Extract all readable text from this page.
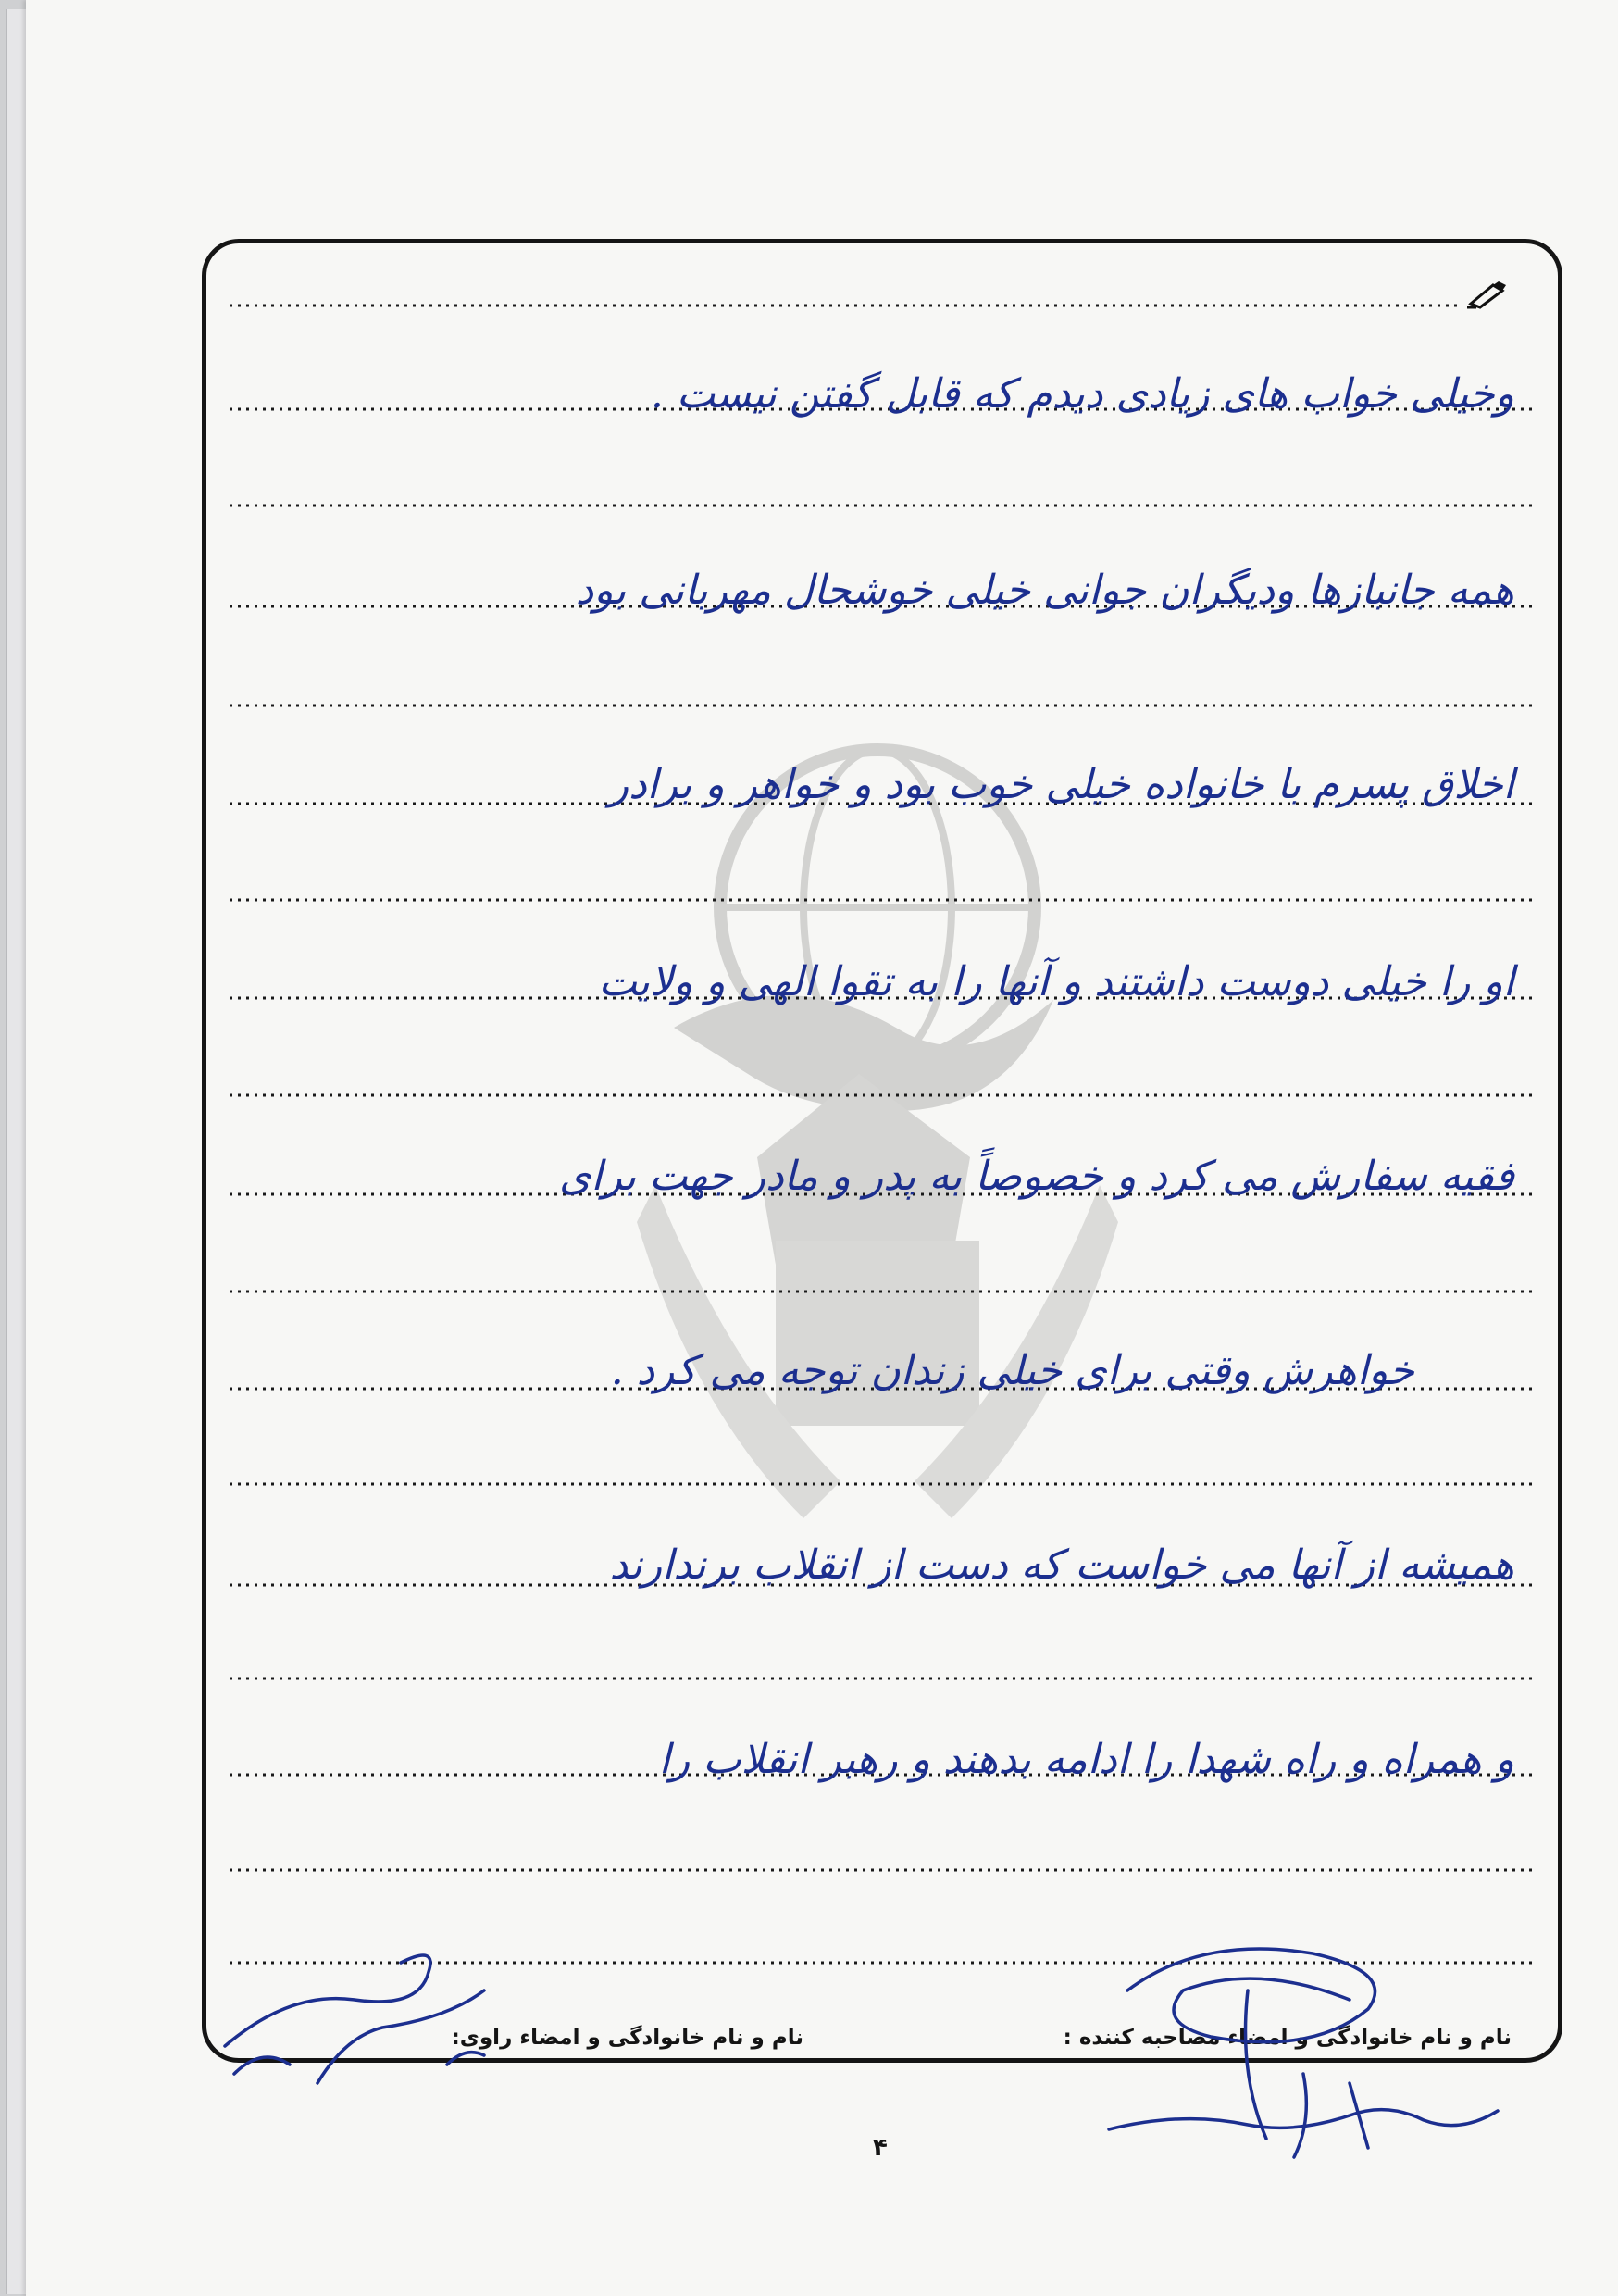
وخیلی خواب های زیادی دیدم که قابل گفتن نیست .
همه جانبازها ودیگران جوانی خیلی خوشحال مهربانی بود
اخلاق پسرم با خانواده خیلی خوب بود و خواهر و برادر
او را خیلی دوست داشتند و آنها را به تقوا الهی و ولایت
فقیه سفارش می کرد و خصوصاً به پدر و مادر جهت برای
خواهرش وقتی برای خیلی زندان توجه می کرد .
همیشه از آنها می خواست که دست از انقلاب برندارند
و همراه و راه شهدا را ادامه بدهند و رهبر انقلاب را
نام و نام خانوادگی و امضاء مصاحبه کننده :
نام و نام خانوادگی و امضاء راوی:
۴
